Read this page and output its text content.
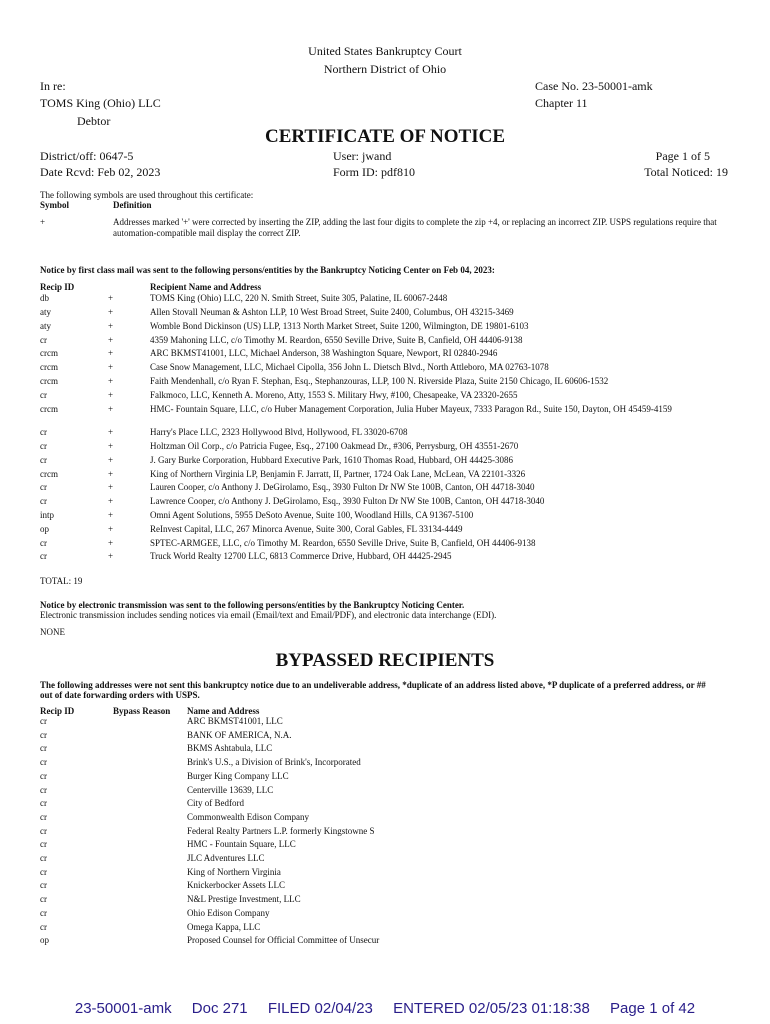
United States Bankruptcy Court
Northern District of Ohio
In re:
TOMS King (Ohio) LLC
Debtor
Case No. 23-50001-amk
Chapter 11
CERTIFICATE OF NOTICE
District/off: 0647-5	User: jwand	Page 1 of 5
Date Rcvd: Feb 02, 2023	Form ID: pdf810	Total Noticed: 19
The following symbols are used throughout this certificate:
Symbol	Definition
+	Addresses marked '+' were corrected by inserting the ZIP, adding the last four digits to complete the zip +4, or replacing an incorrect ZIP. USPS regulations require that automation-compatible mail display the correct ZIP.
Notice by first class mail was sent to the following persons/entities by the Bankruptcy Noticing Center on Feb 04, 2023:
Recip ID	Recipient Name and Address
db	+	TOMS King (Ohio) LLC, 220 N. Smith Street, Suite 305, Palatine, IL 60067-2448
aty	+	Allen Stovall Neuman & Ashton LLP, 10 West Broad Street, Suite 2400, Columbus, OH 43215-3469
aty	+	Womble Bond Dickinson (US) LLP, 1313 North Market Street, Suite 1200, Wilmington, DE 19801-6103
cr	+	4359 Mahoning LLC, c/o Timothy M. Reardon, 6550 Seville Drive, Suite B, Canfield, OH 44406-9138
crcm	+	ARC BKMST41001, LLC, Michael Anderson, 38 Washington Square, Newport, RI 02840-2946
crcm	+	Case Snow Management, LLC, Michael Cipolla, 356 John L. Dietsch Blvd., North Attleboro, MA 02763-1078
crcm	+	Faith Mendenhall, c/o Ryan F. Stephan, Esq., Stephanzouras, LLP, 100 N. Riverside Plaza, Suite 2150 Chicago, IL 60606-1532
cr	+	Falkmoco, LLC, Kenneth A. Moreno, Atty, 1553 S. Military Hwy, #100, Chesapeake, VA 23320-2655
crcm	+	HMC- Fountain Square, LLC, c/o Huber Management Corporation, Julia Huber Mayeux, 7333 Paragon Rd., Suite 150, Dayton, OH 45459-4159
cr	+	Harry's Place LLC, 2323 Hollywood Blvd, Hollywood, FL 33020-6708
cr	+	Holtzman Oil Corp., c/o Patricia Fugee, Esq., 27100 Oakmead Dr., #306, Perrysburg, OH 43551-2670
cr	+	J. Gary Burke Corporation, Hubbard Executive Park, 1610 Thomas Road, Hubbard, OH 44425-3086
crcm	+	King of Northern Virginia LP, Benjamin F. Jarratt, II, Partner, 1724 Oak Lane, McLean, VA 22101-3326
cr	+	Lauren Cooper, c/o Anthony J. DeGirolamo, Esq., 3930 Fulton Dr NW Ste 100B, Canton, OH 44718-3040
cr	+	Lawrence Cooper, c/o Anthony J. DeGirolamo, Esq., 3930 Fulton Dr NW Ste 100B, Canton, OH 44718-3040
intp	+	Omni Agent Solutions, 5955 DeSoto Avenue, Suite 100, Woodland Hills, CA 91367-5100
op	+	ReInvest Capital, LLC, 267 Minorca Avenue, Suite 300, Coral Gables, FL 33134-4449
cr	+	SPTEC-ARMGEE, LLC, c/o Timothy M. Reardon, 6550 Seville Drive, Suite B, Canfield, OH 44406-9138
cr	+	Truck World Realty 12700 LLC, 6813 Commerce Drive, Hubbard, OH 44425-2945
TOTAL: 19
Notice by electronic transmission was sent to the following persons/entities by the Bankruptcy Noticing Center.
Electronic transmission includes sending notices via email (Email/text and Email/PDF), and electronic data interchange (EDI).
NONE
BYPASSED RECIPIENTS
The following addresses were not sent this bankruptcy notice due to an undeliverable address, *duplicate of an address listed above, *P duplicate of a preferred address, or ## out of date forwarding orders with USPS.
Recip ID	Bypass Reason Name and Address
cr	ARC BKMST41001, LLC
cr	BANK OF AMERICA, N.A.
cr	BKMS Ashtabula, LLC
cr	Brink's U.S., a Division of Brink's, Incorporated
cr	Burger King Company LLC
cr	Centerville 13639, LLC
cr	City of Bedford
cr	Commonwealth Edison Company
cr	Federal Realty Partners L.P. formerly Kingstowne S
cr	HMC - Fountain Square, LLC
cr	JLC Adventures LLC
cr	King of Northern Virginia
cr	Knickerbocker Assets LLC
cr	N&L Prestige Investment, LLC
cr	Ohio Edison Company
cr	Omega Kappa, LLC
op	Proposed Counsel for Official Committee of Unsecur
23-50001-amk Doc 271 FILED 02/04/23 ENTERED 02/05/23 01:18:38 Page 1 of 42
